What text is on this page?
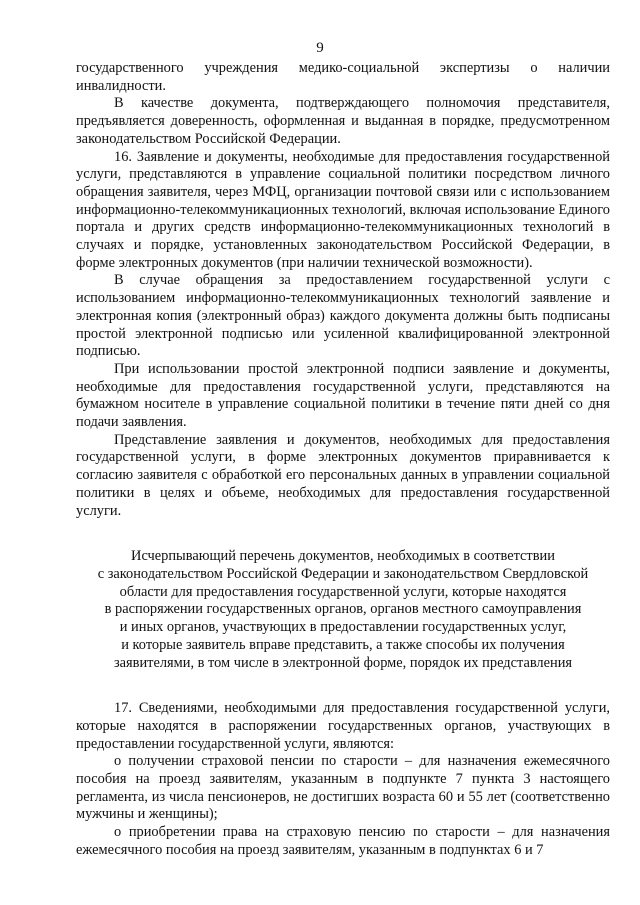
9

государственного учреждения медико-социальной экспертизы о наличии инвалидности.

В качестве документа, подтверждающего полномочия представителя, предъявляется доверенность, оформленная и выданная в порядке, предусмотренном законодательством Российской Федерации.

16. Заявление и документы, необходимые для предоставления государственной услуги, представляются в управление социальной политики посредством личного обращения заявителя, через МФЦ, организации почтовой связи или с использованием информационно-телекоммуникационных технологий, включая использование Единого портала и других средств информационно-телекоммуникационных технологий в случаях и порядке, установленных законодательством Российской Федерации, в форме электронных документов (при наличии технической возможности).

В случае обращения за предоставлением государственной услуги с использованием информационно-телекоммуникационных технологий заявление и электронная копия (электронный образ) каждого документа должны быть подписаны простой электронной подписью или усиленной квалифицированной электронной подписью.

При использовании простой электронной подписи заявление и документы, необходимые для предоставления государственной услуги, представляются на бумажном носителе в управление социальной политики в течение пяти дней со дня подачи заявления.

Представление заявления и документов, необходимых для предоставления государственной услуги, в форме электронных документов приравнивается к согласию заявителя с обработкой его персональных данных в управлении социальной политики в целях и объеме, необходимых для предоставления государственной услуги.

Исчерпывающий перечень документов, необходимых в соответствии
с законодательством Российской Федерации и законодательством Свердловской
области для предоставления государственной услуги, которые находятся
в распоряжении государственных органов, органов местного самоуправления
и иных органов, участвующих в предоставлении государственных услуг,
и которые заявитель вправе представить, а также способы их получения
заявителями, в том числе в электронной форме, порядок их представления

17. Сведениями, необходимыми для предоставления государственной услуги, которые находятся в распоряжении государственных органов, участвующих в предоставлении государственной услуги, являются:

о получении страховой пенсии по старости – для назначения ежемесячного пособия на проезд заявителям, указанным в подпункте 7 пункта 3 настоящего регламента, из числа пенсионеров, не достигших возраста 60 и 55 лет (соответственно мужчины и женщины);

о приобретении права на страховую пенсию по старости – для назначения ежемесячного пособия на проезд заявителям, указанным в подпунктах 6 и 7
